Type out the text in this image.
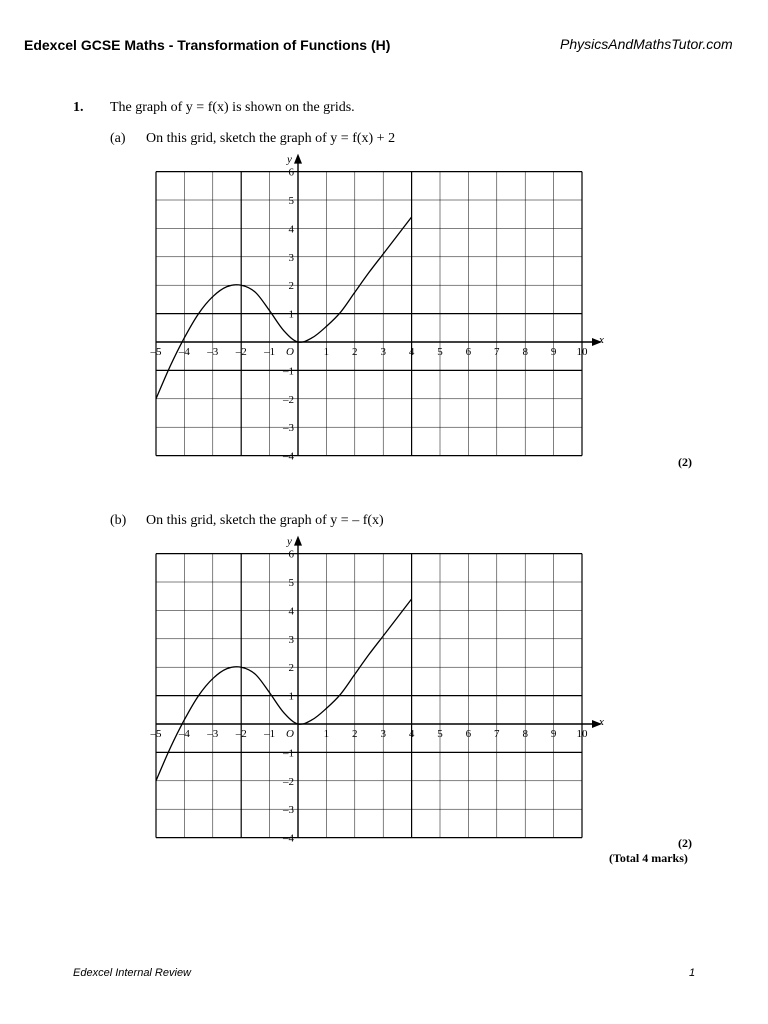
Edexcel GCSE Maths - Transformation of Functions (H)	PhysicsAndMathsTutor.com
1. The graph of y = f(x) is shown on the grids.
(a) On this grid, sketch the graph of y = f(x) + 2
x
y
O
–5 –4 –3 –2 –1	1 2 3 4 5 6 7 8 9 10
–4
–3
–2
–1
1
2
3
4
5
6
(2)
(b) On this grid, sketch the graph of y = – f(x)
x
y
O
–5 –4 –3 –2 –1	1 2 3 4 5 6 7 8 9 10
–4
–3
–2
–1
1
2
3
4
5
6
(2)
(Total 4 marks)
Edexcel Internal Review	1
